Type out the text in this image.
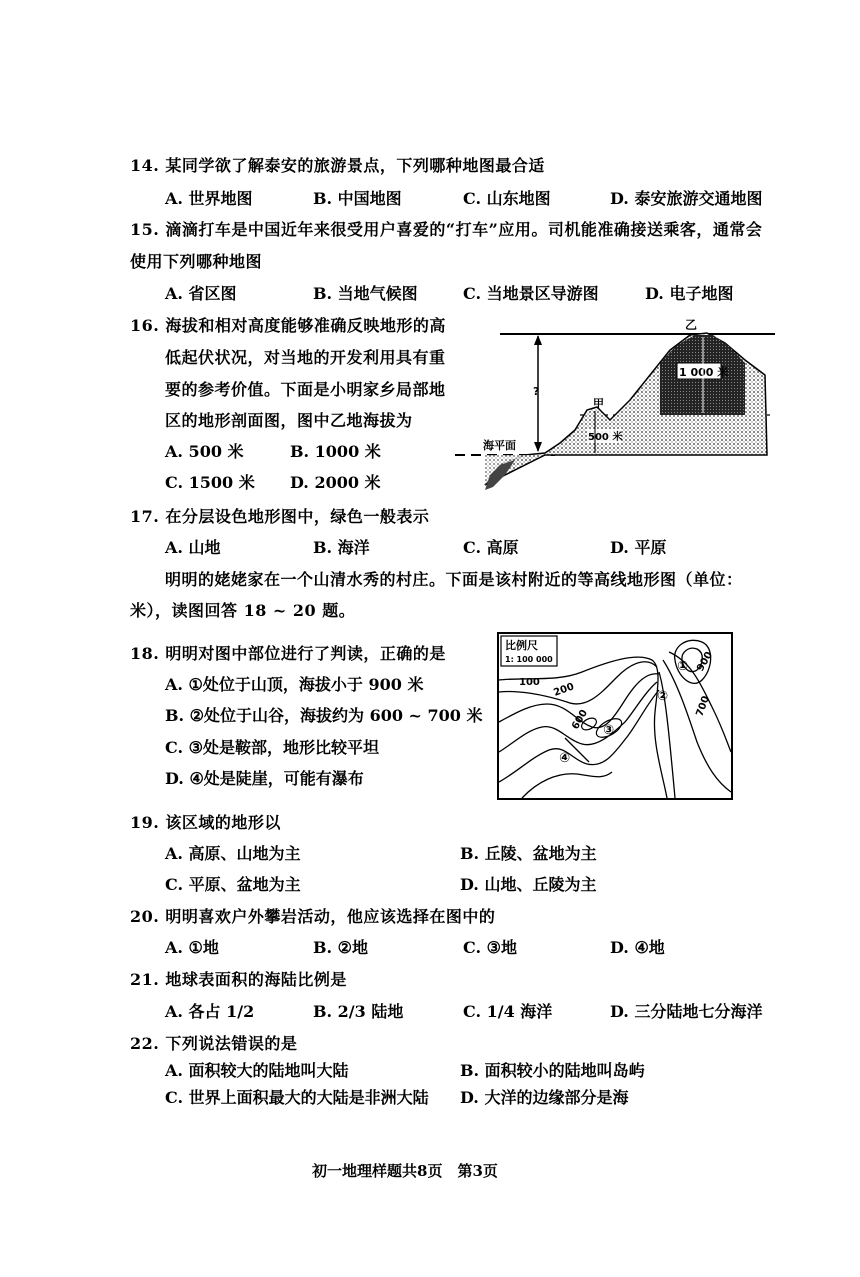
14. 某同学欲了解泰安的旅游景点，下列哪种地图最合适
A. 世界地图	B. 中国地图	C. 山东地图	D. 泰安旅游交通地图
15. 滴滴打车是中国近年来很受用户喜爱的“打车”应用。司机能准确接送乘客，通常会
使用下列哪种地图
A. 省区图	B. 当地气候图	C. 当地景区导游图	D. 电子地图
16. 海拔和相对高度能够准确反映地形的高
低起伏状况，对当地的开发利用具有重
要的参考价值。下面是小明家乡局部地
区的地形剖面图，图中乙地海拔为
A. 500 米	B. 1000 米
C. 1500 米 D. 2000 米
1 000 米
500 米
乙
甲
?
海平面
17. 在分层设色地形图中，绿色一般表示
A. 山地	B. 海洋	C. 高原	D. 平原
明明的姥姥家在一个山清水秀的村庄。下面是该村附近的等高线地形图（单位：
米），读图回答 18 ~ 20 题。
18. 明明对图中部位进行了判读，正确的是
A. ①处位于山顶，海拔小于 900 米
B. ②处位于山谷，海拔约为 600 ~ 700 米
C. ③处是鞍部，地形比较平坦
D. ④处是陡崖，可能有瀑布
比例尺
1: 100 000
100 200
600
700
900
①
②
③
④
19. 该区域的地形以
A. 高原、山地为主	B. 丘陵、盆地为主
C. 平原、盆地为主	D. 山地、丘陵为主
20. 明明喜欢户外攀岩活动，他应该选择在图中的
A. ①地	B. ②地	C. ③地	D. ④地
21. 地球表面积的海陆比例是
A. 各占 1/2	B. 2/3 陆地	C. 1/4 海洋	D. 三分陆地七分海洋
22. 下列说法错误的是
A. 面积较大的陆地叫大陆	B. 面积较小的陆地叫岛屿
C. 世界上面积最大的大陆是非洲大陆 D. 大洋的边缘部分是海
初一地理样题共8页　第3页
